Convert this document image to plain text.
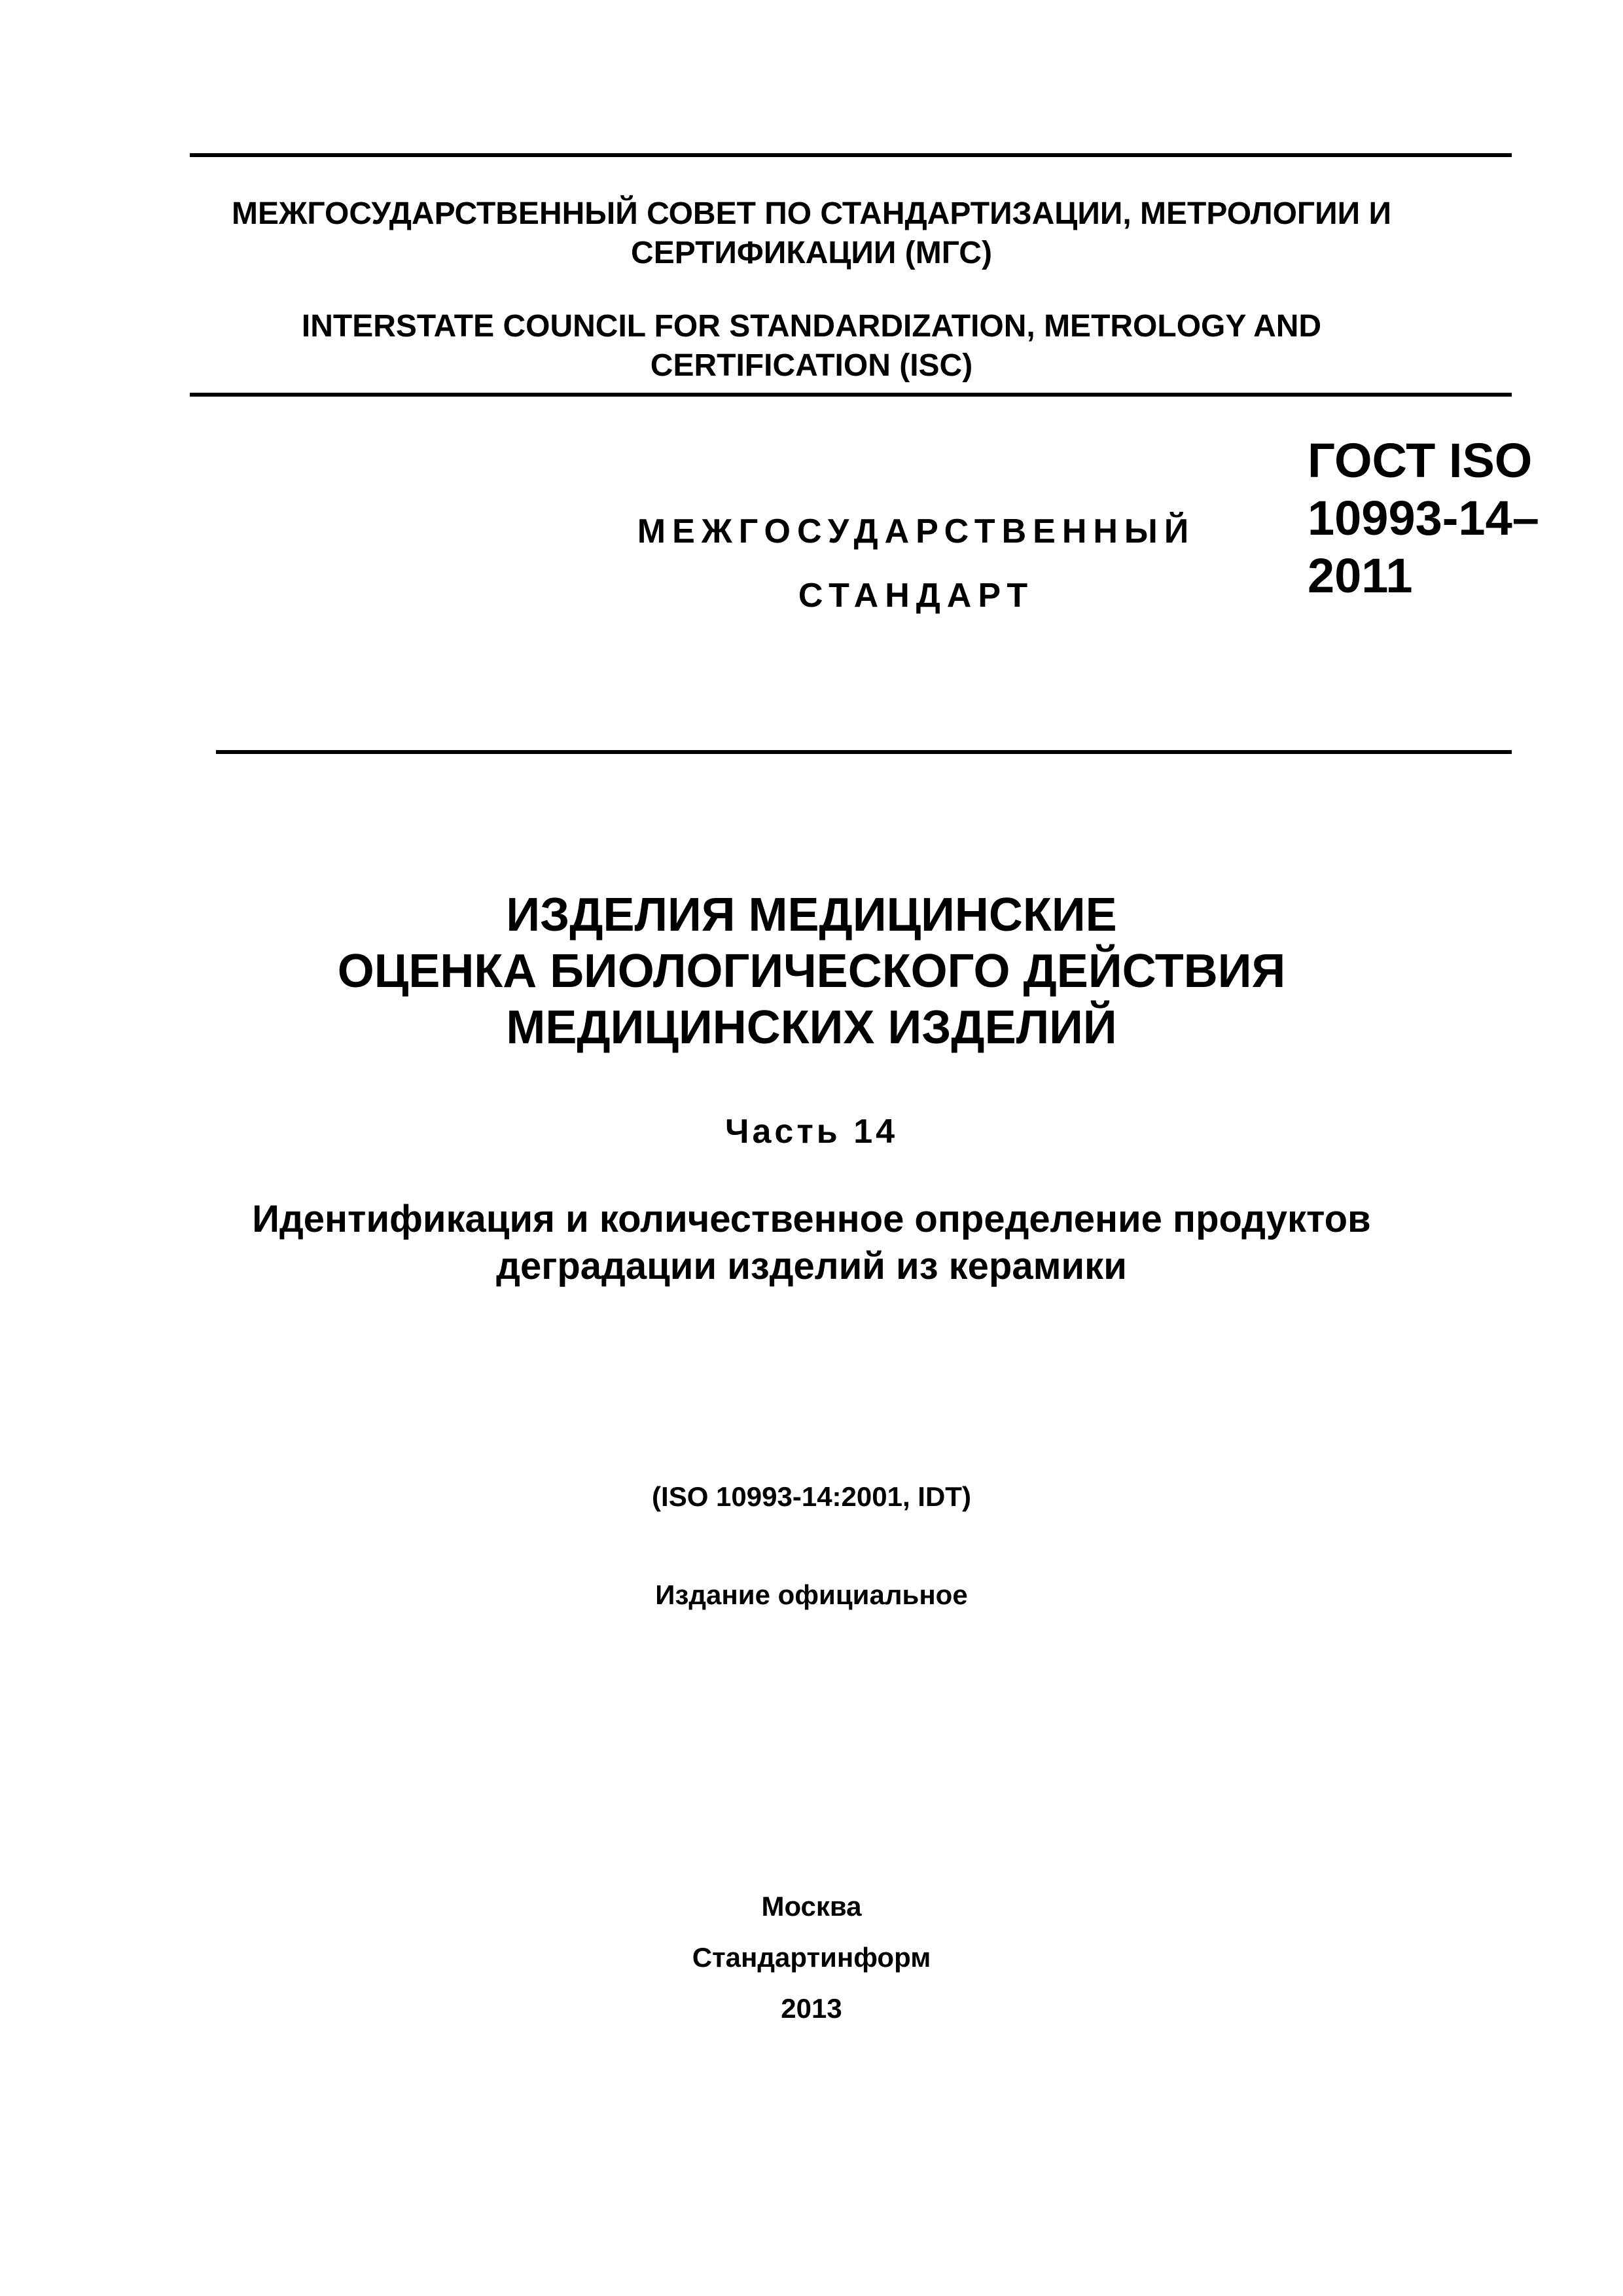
МЕЖГОСУДАРСТВЕННЫЙ СОВЕТ ПО СТАНДАРТИЗАЦИИ, МЕТРОЛОГИИ И
СЕРТИФИКАЦИИ (МГС)
INTERSTATE COUNCIL FOR STANDARDIZATION, METROLOGY AND
CERTIFICATION (ISC)
МЕЖГОСУДАРСТВЕННЫЙ
СТАНДАРТ
ГОСТ ISO
10993-14–
2011
ИЗДЕЛИЯ МЕДИЦИНСКИЕ
ОЦЕНКА БИОЛОГИЧЕСКОГО ДЕЙСТВИЯ
МЕДИЦИНСКИХ ИЗДЕЛИЙ
Часть 14
Идентификация и количественное определение продуктов
деградации изделий из керамики
(ISO 10993-14:2001, IDT)
Издание официальное
Москва
Стандартинформ
2013
